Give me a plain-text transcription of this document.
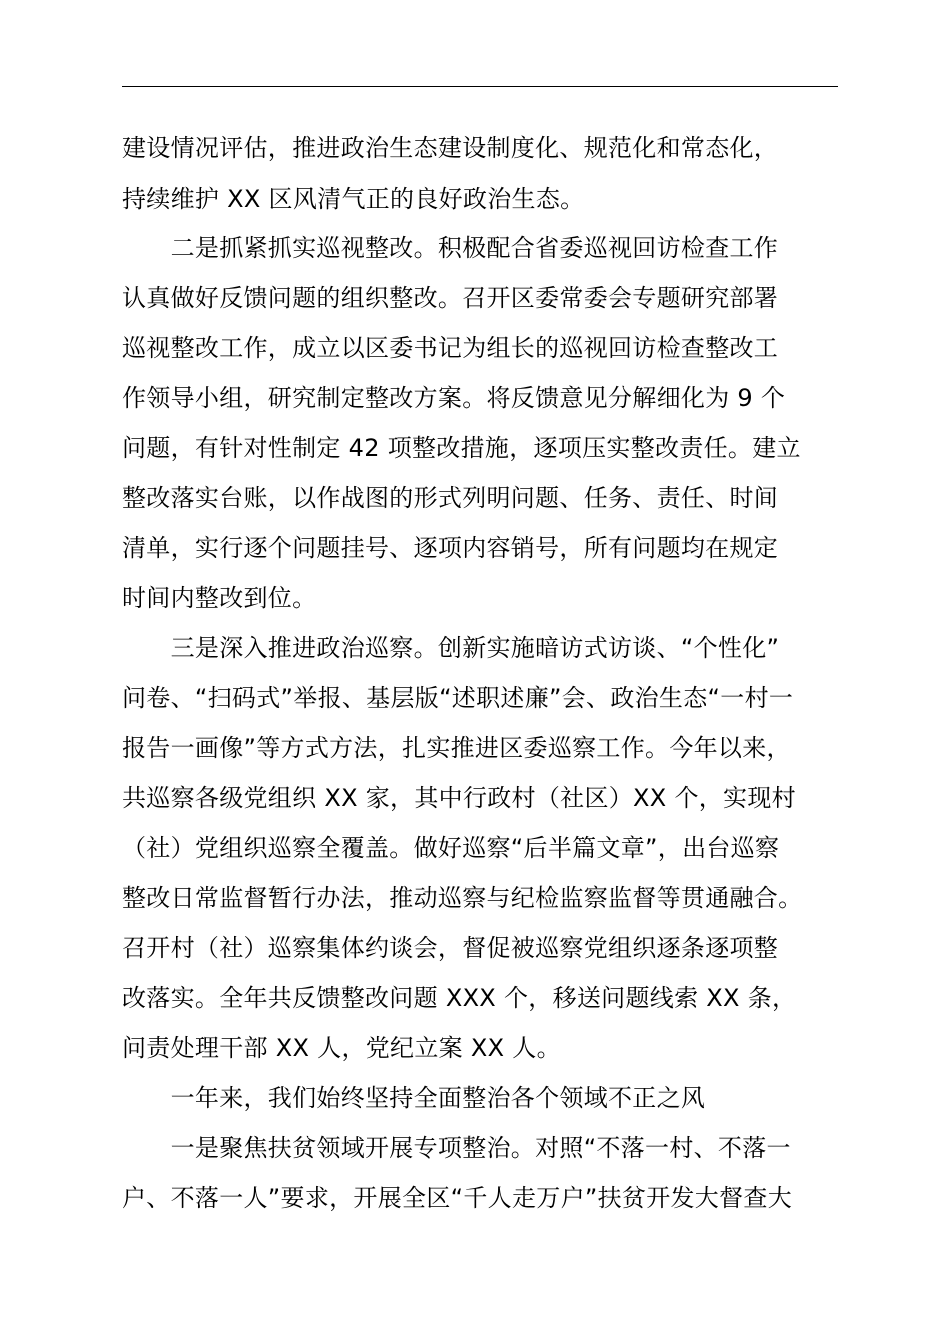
建设情况评估，推进政治生态建设制度化、规范化和常态化，
持续维护 XX 区风清气正的良好政治生态。
　　二是抓紧抓实巡视整改。积极配合省委巡视回访检查工作
认真做好反馈问题的组织整改。召开区委常委会专题研究部署
巡视整改工作，成立以区委书记为组长的巡视回访检查整改工
作领导小组，研究制定整改方案。将反馈意见分解细化为 9 个
问题，有针对性制定 42 项整改措施，逐项压实整改责任。建立
整改落实台账，以作战图的形式列明问题、任务、责任、时间
清单，实行逐个问题挂号、逐项内容销号，所有问题均在规定
时间内整改到位。
　　三是深入推进政治巡察。创新实施暗访式访谈、“个性化”
问卷、“扫码式”举报、基层版“述职述廉”会、政治生态“一村一
报告一画像”等方式方法，扎实推进区委巡察工作。今年以来，
共巡察各级党组织 XX 家，其中行政村（社区）XX 个，实现村
（社）党组织巡察全覆盖。做好巡察“后半篇文章”，出台巡察
整改日常监督暂行办法，推动巡察与纪检监察监督等贯通融合。
召开村（社）巡察集体约谈会，督促被巡察党组织逐条逐项整
改落实。全年共反馈整改问题 XXX 个，移送问题线索 XX 条，
问责处理干部 XX 人，党纪立案 XX 人。
　　一年来，我们始终坚持全面整治各个领域不正之风
　　一是聚焦扶贫领域开展专项整治。对照“不落一村、不落一
户、不落一人”要求，开展全区“千人走万户”扶贫开发大督查大
